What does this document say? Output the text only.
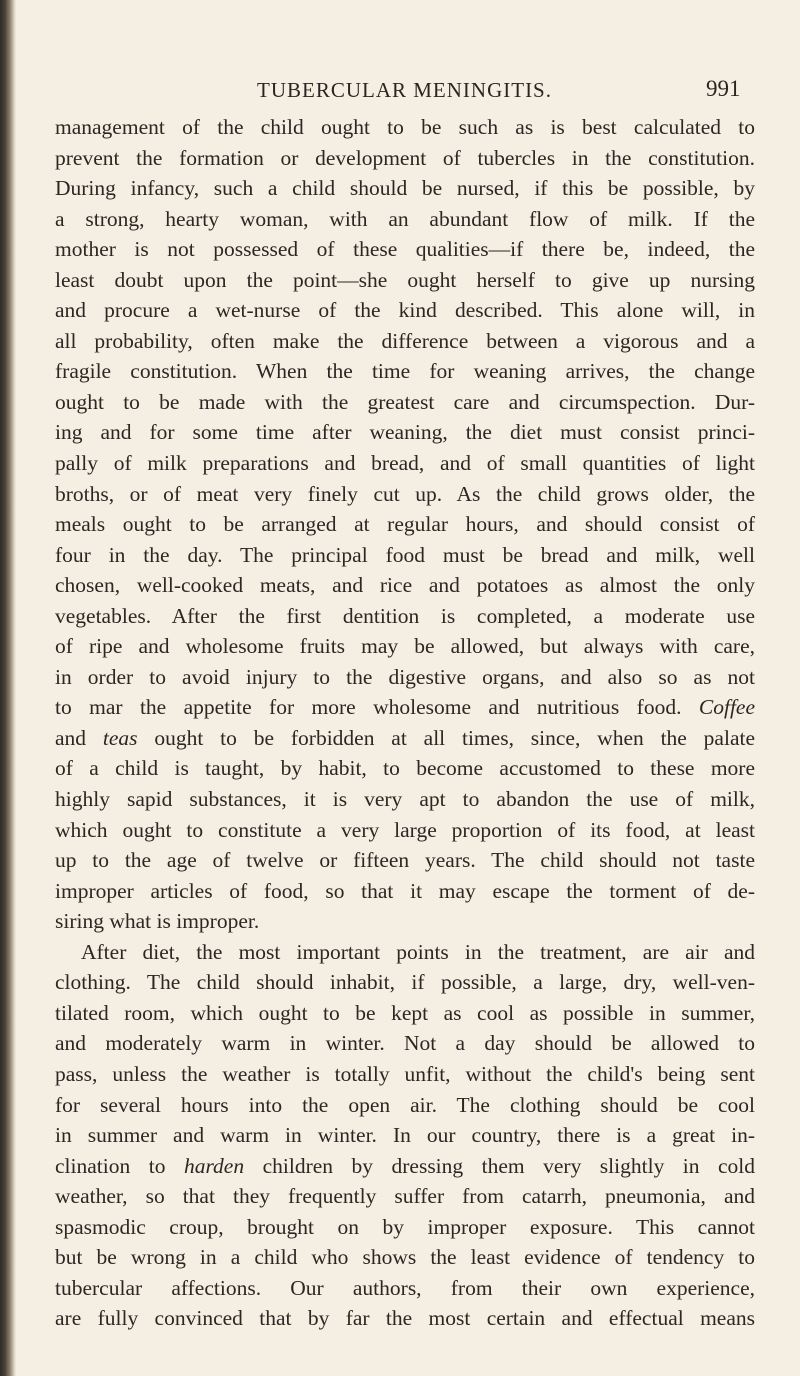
TUBERCULAR MENINGITIS.	991

management of the child ought to be such as is best calculated to
prevent the formation or development of tubercles in the constitution.
During infancy, such a child should be nursed, if this be possible, by
a strong, hearty woman, with an abundant flow of milk. If the
mother is not possessed of these qualities—if there be, indeed, the
least doubt upon the point—she ought herself to give up nursing
and procure a wet-nurse of the kind described. This alone will, in
all probability, often make the difference between a vigorous and a
fragile constitution. When the time for weaning arrives, the change
ought to be made with the greatest care and circumspection. Dur-
ing and for some time after weaning, the diet must consist princi-
pally of milk preparations and bread, and of small quantities of light
broths, or of meat very finely cut up. As the child grows older, the
meals ought to be arranged at regular hours, and should consist of
four in the day. The principal food must be bread and milk, well
chosen, well-cooked meats, and rice and potatoes as almost the only
vegetables. After the first dentition is completed, a moderate use
of ripe and wholesome fruits may be allowed, but always with care,
in order to avoid injury to the digestive organs, and also so as not
to mar the appetite for more wholesome and nutritious food. Coffee
and teas ought to be forbidden at all times, since, when the palate
of a child is taught, by habit, to become accustomed to these more
highly sapid substances, it is very apt to abandon the use of milk,
which ought to constitute a very large proportion of its food, at least
up to the age of twelve or fifteen years. The child should not taste
improper articles of food, so that it may escape the torment of de-
siring what is improper.

After diet, the most important points in the treatment, are air and
clothing. The child should inhabit, if possible, a large, dry, well-ven-
tilated room, which ought to be kept as cool as possible in summer,
and moderately warm in winter. Not a day should be allowed to
pass, unless the weather is totally unfit, without the child's being sent
for several hours into the open air. The clothing should be cool
in summer and warm in winter. In our country, there is a great in-
clination to harden children by dressing them very slightly in cold
weather, so that they frequently suffer from catarrh, pneumonia, and
spasmodic croup, brought on by improper exposure. This cannot
but be wrong in a child who shows the least evidence of tendency to
tubercular affections. Our authors, from their own experience,
are fully convinced that by far the most certain and effectual means
